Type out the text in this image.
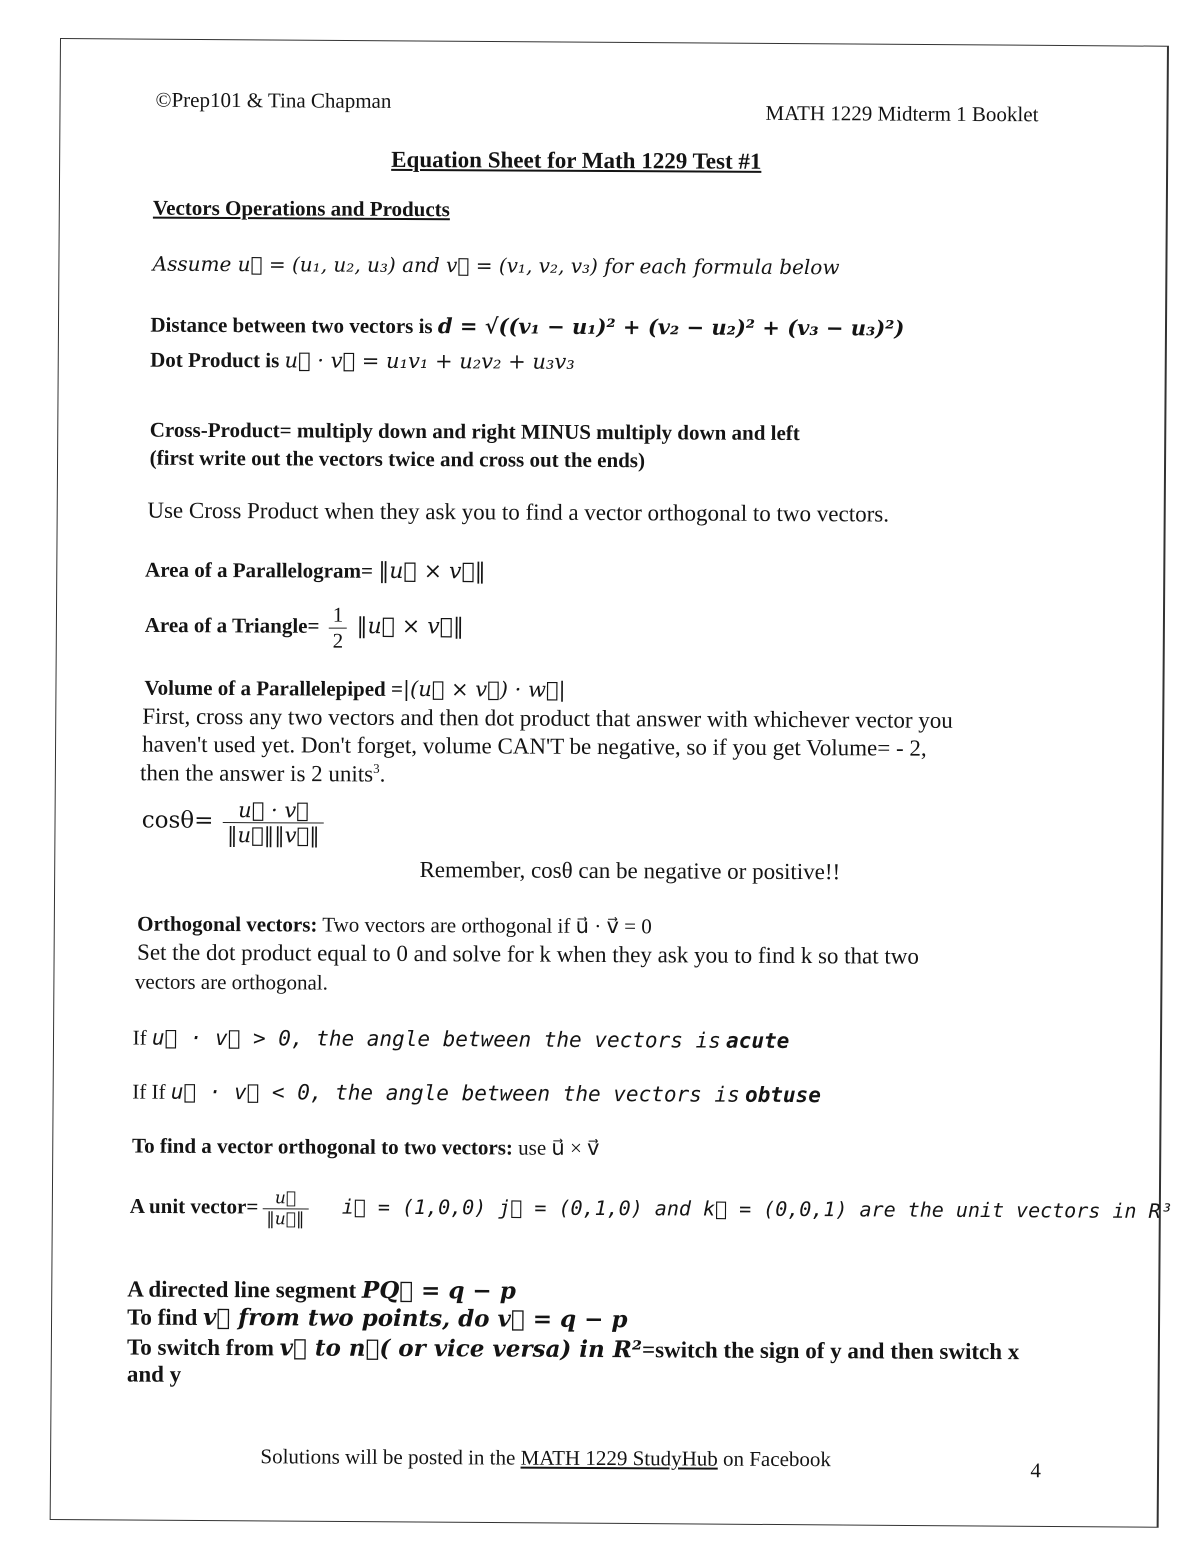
©Prep101 & Tina Chapman
MATH 1229 Midterm 1 Booklet
Equation Sheet for Math 1229 Test #1
Vectors Operations and Products
Assume u⃗ = (u₁, u₂, u₃) and v⃗ = (v₁, v₂, v₃) for each formula below
Distance between two vectors is d = √((v₁ − u₁)² + (v₂ − u₂)² + (v₃ − u₃)²)
Dot Product is u⃗ · v⃗ = u₁v₁ + u₂v₂ + u₃v₃
Cross-Product= multiply down and right MINUS multiply down and left
(first write out the vectors twice and cross out the ends)
Use Cross Product when they ask you to find a vector orthogonal to two vectors.
Area of a Parallelogram= ‖u⃗ × v⃗‖
Area of a Triangle= $\frac{1}{2}$ ‖u⃗ × v⃗‖
Volume of a Parallelepiped =|(u⃗ × v⃗) · w⃗|
First, cross any two vectors and then dot product that answer with whichever vector you
haven't used yet. Don't forget, volume CAN'T be negative, so if you get Volume= - 2,
then the answer is 2 units$^3$.
$\cos\theta= \frac{u⃗ \cdot v⃗}{‖u⃗‖‖v⃗‖}$
Remember, cosθ can be negative or positive!!
Orthogonal vectors: Two vectors are orthogonal if u⃗ · v⃗ = 0
Set the dot product equal to 0 and solve for k when they ask you to find k so that two
vectors are orthogonal.
If u⃗ · v⃗ > 0, the angle between the vectors is acute
If If u⃗ · v⃗ < 0, the angle between the vectors is obtuse
To find a vector orthogonal to two vectors: use u⃗ × v⃗
A unit vector= $\frac{u⃗}{‖u⃗‖}$ i⃗ = (1,0,0) j⃗ = (0,1,0) and k⃗ = (0,0,1) are the unit vectors in R³
A directed line segment PQ⃗ = q − p
To find v⃗ from two points, do v⃗ = q − p
To switch from v⃗ to n⃗( or vice versa) in R²=switch the sign of y and then switch x
and y
Solutions will be posted in the MATH 1229 StudyHub on Facebook	4
